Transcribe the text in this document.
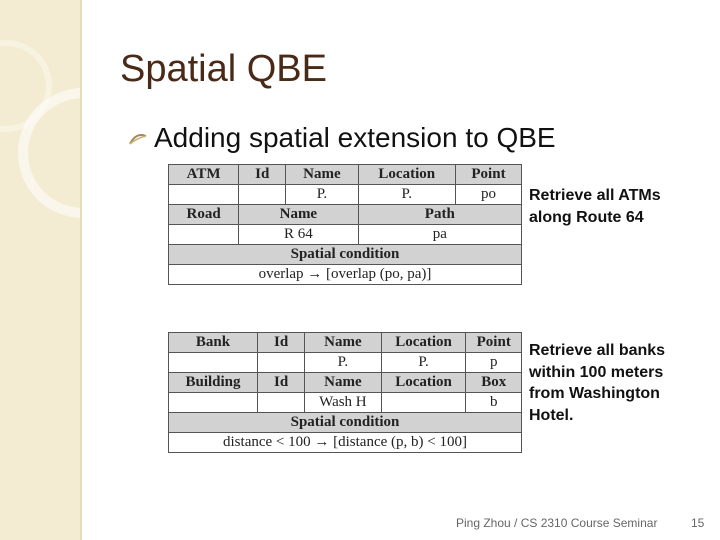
Spatial QBE
Adding spatial extension to QBE
ATM	Id	Name	Location	Point
		P.	P.	po
Road	Name		Path	
	R 64		pa	
Spatial condition				
overlap → [overlap (po, pa)]				
Retrieve all ATMs along Route 64
Bank	Id	Name	Location	Point
		P.	P.	p
Building	Id	Name	Location	Box
		Wash H		b
Spatial condition				
distance < 100 → [distance (p, b) < 100]				
Retrieve all banks within 100 meters from Washington Hotel.
Ping Zhou / CS 2310 Course Seminar	15
